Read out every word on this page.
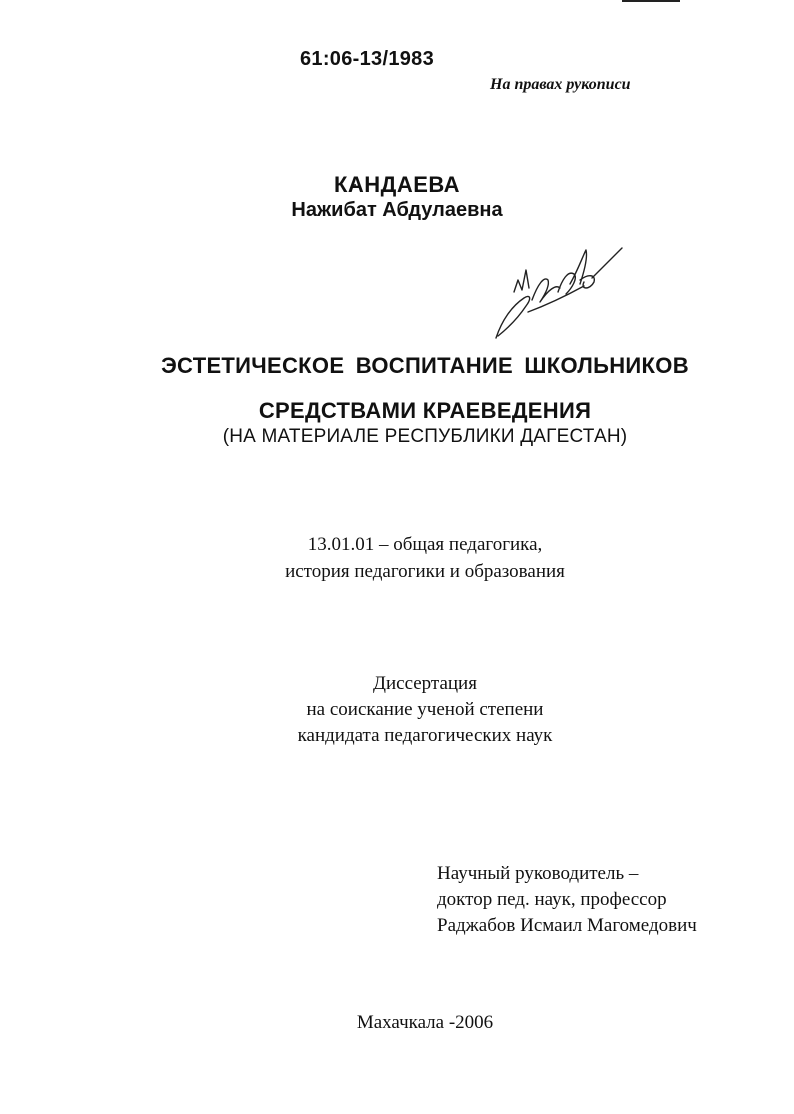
61:06-13/1983
На правах рукописи
КАНДАЕВА
Нажибат Абдулаевна
ЭСТЕТИЧЕСКОЕ ВОСПИТАНИЕ ШКОЛЬНИКОВ
СРЕДСТВАМИ КРАЕВЕДЕНИЯ
(НА МАТЕРИАЛЕ РЕСПУБЛИКИ ДАГЕСТАН)
13.01.01 – общая педагогика,
история педагогики и образования
Диссертация
на соискание ученой степени
кандидата педагогических наук
Научный руководитель –
доктор пед. наук, профессор
Раджабов Исмаил Магомедович
Махачкала -2006
